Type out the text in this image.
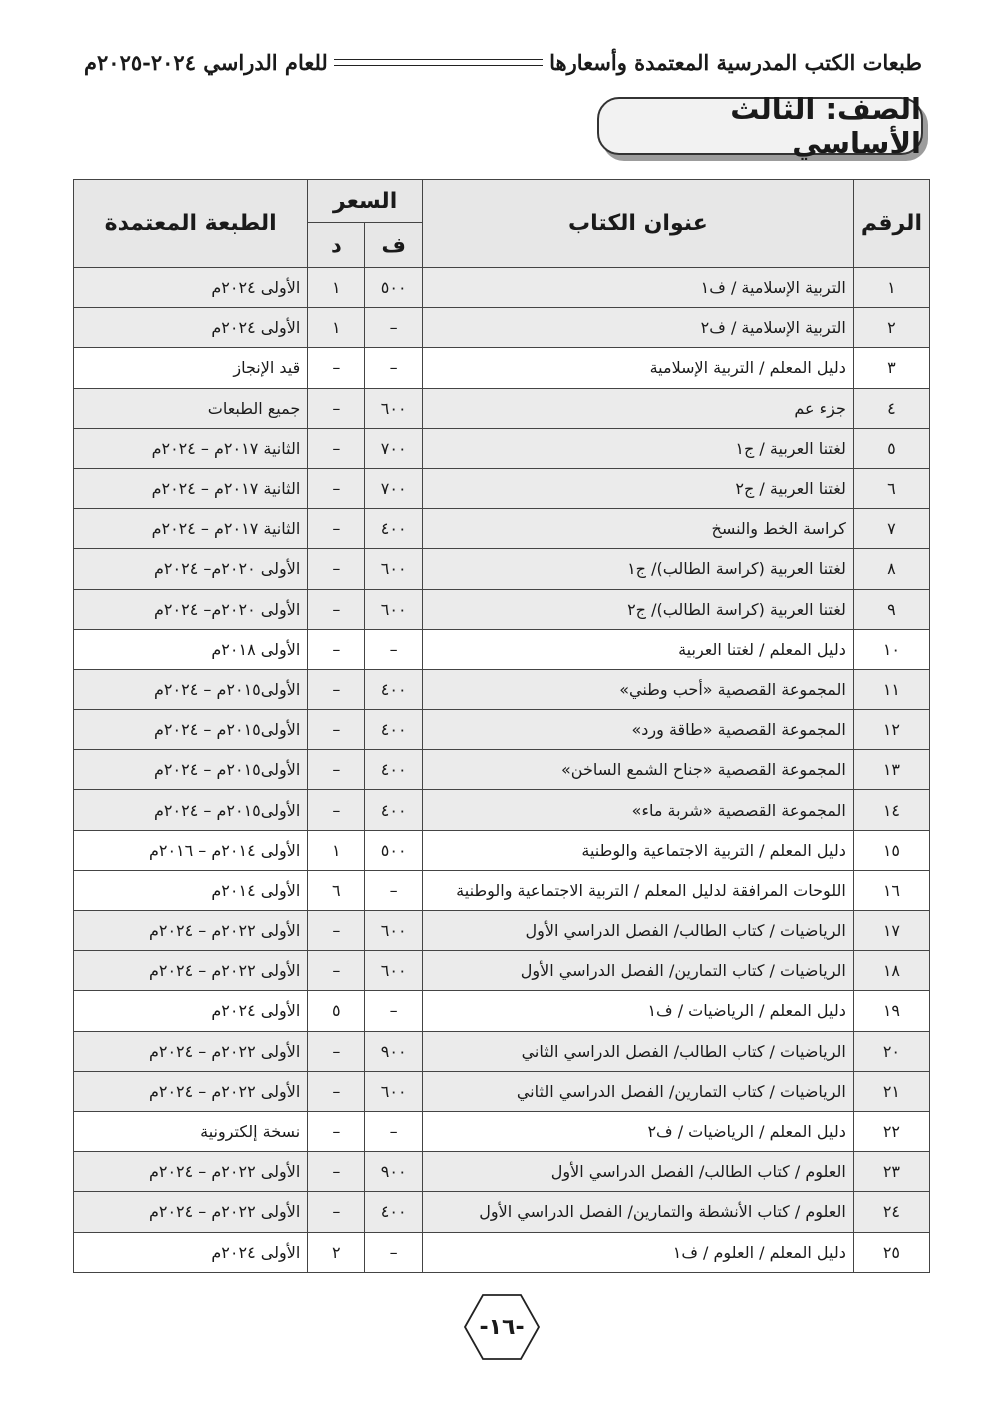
طبعات الكتب المدرسية المعتمدة وأسعارها
للعام الدراسي ٢٠٢٤-٢٠٢٥م
الصف: الثالث الأساسي
الرقم	عنوان الكتاب	السعر		الطبعة المعتمدة
		ف	د	
١	التربية الإسلامية / ف١	٥٠٠	١	الأولى ٢٠٢٤م
٢	التربية الإسلامية / ف٢	–	١	الأولى ٢٠٢٤م
٣	دليل المعلم / التربية الإسلامية	–	–	قيد الإنجاز
٤	جزء عم	٦٠٠	–	جميع الطبعات
٥	لغتنا العربية / ج١	٧٠٠	–	الثانية ٢٠١٧م – ٢٠٢٤م
٦	لغتنا العربية / ج٢	٧٠٠	–	الثانية ٢٠١٧م – ٢٠٢٤م
٧	كراسة الخط والنسخ	٤٠٠	–	الثانية ٢٠١٧م – ٢٠٢٤م
٨	لغتنا العربية (كراسة الطالب)/ ج١	٦٠٠	–	الأولى ٢٠٢٠م– ٢٠٢٤م
٩	لغتنا العربية (كراسة الطالب)/ ج٢	٦٠٠	–	الأولى ٢٠٢٠م– ٢٠٢٤م
١٠	دليل المعلم / لغتنا العربية	–	–	الأولى ٢٠١٨م
١١	المجموعة القصصية «أحب وطني»	٤٠٠	–	الأولى٢٠١٥م – ٢٠٢٤م
١٢	المجموعة القصصية «طاقة ورد»	٤٠٠	–	الأولى٢٠١٥م – ٢٠٢٤م
١٣	المجموعة القصصية «جناح الشمع الساخن»	٤٠٠	–	الأولى٢٠١٥م – ٢٠٢٤م
١٤	المجموعة القصصية «شربة ماء»	٤٠٠	–	الأولى٢٠١٥م – ٢٠٢٤م
١٥	دليل المعلم / التربية الاجتماعية والوطنية	٥٠٠	١	الأولى ٢٠١٤م – ٢٠١٦م
١٦	اللوحات المرافقة لدليل المعلم / التربية الاجتماعية والوطنية	–	٦	الأولى ٢٠١٤م
١٧	الرياضيات / كتاب الطالب/ الفصل الدراسي الأول	٦٠٠	–	الأولى ٢٠٢٢م – ٢٠٢٤م
١٨	الرياضيات / كتاب التمارين/ الفصل الدراسي الأول	٦٠٠	–	الأولى ٢٠٢٢م – ٢٠٢٤م
١٩	دليل المعلم / الرياضيات / ف١	–	٥	الأولى ٢٠٢٤م
٢٠	الرياضيات / كتاب الطالب/ الفصل الدراسي الثاني	٩٠٠	–	الأولى ٢٠٢٢م – ٢٠٢٤م
٢١	الرياضيات / كتاب التمارين/ الفصل الدراسي الثاني	٦٠٠	–	الأولى ٢٠٢٢م – ٢٠٢٤م
٢٢	دليل المعلم / الرياضيات / ف٢	–	–	نسخة إلكترونية
٢٣	العلوم / كتاب الطالب/ الفصل الدراسي الأول	٩٠٠	–	الأولى ٢٠٢٢م – ٢٠٢٤م
٢٤	العلوم / كتاب الأنشطة والتمارين/ الفصل الدراسي الأول	٤٠٠	–	الأولى ٢٠٢٢م – ٢٠٢٤م
٢٥	دليل المعلم / العلوم / ف١	–	٢	الأولى ٢٠٢٤م
-١٦-
